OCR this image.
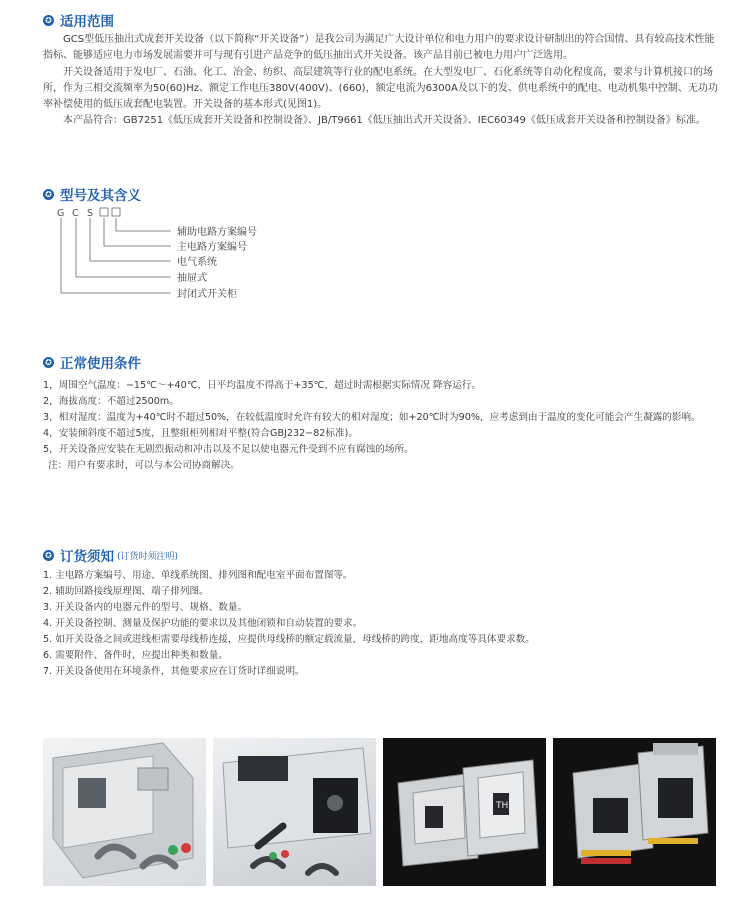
✪ 适用范围

GCS型低压抽出式成套开关设备（以下简称“开关设备”）是我公司为满足广大设计单位和电力用户的要求设计研制出的符合国情、具有较高技术性能指标、能够适应电力市场发展需要并可与现有引进产品竞争的低压抽出式开关设备。该产品目前已被电力用户广泛选用。

开关设备适用于发电厂、石油、化工、冶金、纺织、高层建筑等行业的配电系统。在大型发电厂、石化系统等自动化程度高，要求与计算机接口的场所，作为三相交流频率为50(60)Hz、额定工作电压380V(400V)、(660)，额定电流为6300A及以下的发、供电系统中的配电、电动机集中控制、无功功率补偿使用的低压成套配电装置。开关设备的基本形式(见图1)。

本产品符合：GB7251《低压成套开关设备和控制设备》、JB/T9661《低压抽出式开关设备》、IEC60349《低压成套开关设备和控制设备》标准。

✪ 型号及其含义
G C S
辅助电路方案编号
主电路方案编号
电气系统
抽屉式
封闭式开关柜
✪ 正常使用条件
1，周围空气温度：−15℃～+40℃，日平均温度不得高于+35℃，超过时需根据实际情况 降容运行。
2，海拔高度：不超过2500m。
3，相对湿度：温度为+40℃时不超过50%，在较低温度时允许有较大的相对湿度；如+20℃时为90%，应考虑到由于温度的变化可能会产生凝露的影响。
4，安装倾斜度不超过5度，且整组柜列相对平整(符合GBJ232−82标准)。
5，开关设备应安装在无剧烈振动和冲击以及不足以使电器元件受到不应有腐蚀的场所。
注：用户有要求时，可以与本公司协商解决。
✪ 订货须知 (订货时须注明)
1. 主电路方案编号、用途、单线系统图、排列图和配电室平面布置图等。
2. 辅助回路接线原理图、端子排列图。
3. 开关设备内的电器元件的型号、规格、数量。
4. 开关设备控制、测量及保护功能的要求以及其他闭锁和自动装置的要求。
5. 如开关设备之间或进线柜需要母线桥连接，应提供母线桥的额定载流量，母线桥的跨度，距地高度等具体要求数。
6. 需要附件、备件时，应提出种类和数量。
7. 开关设备使用在环境条件，其他要求应在订货时详细说明。
TH
